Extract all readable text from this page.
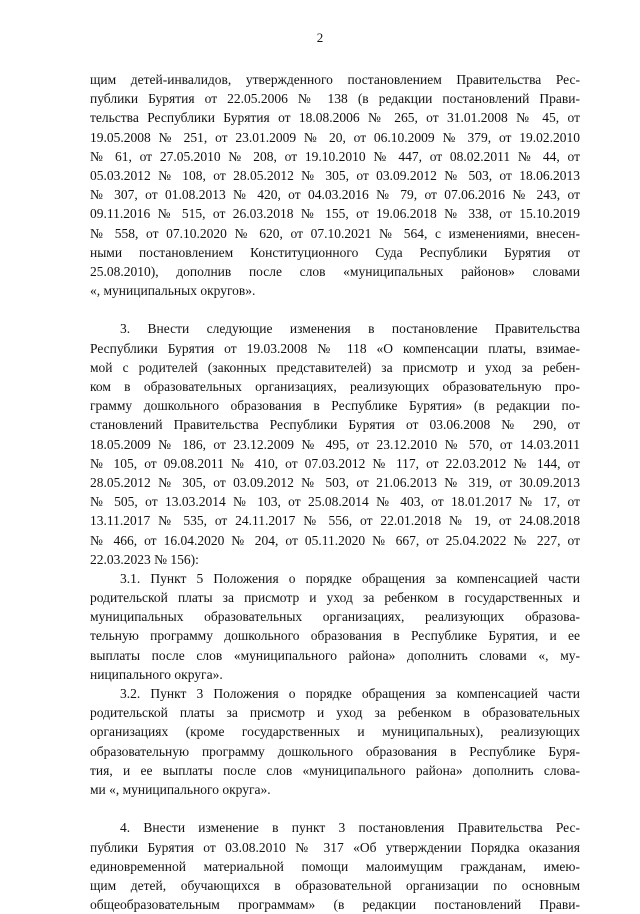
2
щим детей-инвалидов, утвержденного постановлением Правительства Рес-
публики Бурятия от 22.05.2006 № 138 (в редакции постановлений Прави-
тельства Республики Бурятия от 18.08.2006 № 265, от 31.01.2008 № 45, от
19.05.2008 № 251, от 23.01.2009 № 20, от 06.10.2009 № 379, от 19.02.2010
№ 61, от 27.05.2010 № 208, от 19.10.2010 № 447, от 08.02.2011 № 44, от
05.03.2012 № 108, от 28.05.2012 № 305, от 03.09.2012 № 503, от 18.06.2013
№ 307, от 01.08.2013 № 420, от 04.03.2016 № 79, от 07.06.2016 № 243, от
09.11.2016 № 515, от 26.03.2018 № 155, от 19.06.2018 № 338, от 15.10.2019
№ 558, от 07.10.2020 № 620, от 07.10.2021 № 564, с изменениями, внесен-
ными постановлением Конституционного Суда Республики Бурятия от
25.08.2010), дополнив после слов «муниципальных районов» словами
«, муниципальных округов».
3. Внести следующие изменения в постановление Правительства
Республики Бурятия от 19.03.2008 № 118 «О компенсации платы, взимае-
мой с родителей (законных представителей) за присмотр и уход за ребен-
ком в образовательных организациях, реализующих образовательную про-
грамму дошкольного образования в Республике Бурятия» (в редакции по-
становлений Правительства Республики Бурятия от 03.06.2008 № 290, от
18.05.2009 № 186, от 23.12.2009 № 495, от 23.12.2010 № 570, от 14.03.2011
№ 105, от 09.08.2011 № 410, от 07.03.2012 № 117, от 22.03.2012 № 144, от
28.05.2012 № 305, от 03.09.2012 № 503, от 21.06.2013 № 319, от 30.09.2013
№ 505, от 13.03.2014 № 103, от 25.08.2014 № 403, от 18.01.2017 № 17, от
13.11.2017 № 535, от 24.11.2017 № 556, от 22.01.2018 № 19, от 24.08.2018
№ 466, от 16.04.2020 № 204, от 05.11.2020 № 667, от 25.04.2022 № 227, от
22.03.2023 № 156):
3.1. Пункт 5 Положения о порядке обращения за компенсацией части
родительской платы за присмотр и уход за ребенком в государственных и
муниципальных образовательных организациях, реализующих образова-
тельную программу дошкольного образования в Республике Бурятия, и ее
выплаты после слов «муниципального района» дополнить словами «, му-
ниципального округа».
3.2. Пункт 3 Положения о порядке обращения за компенсацией части
родительской платы за присмотр и уход за ребенком в образовательных
организациях (кроме государственных и муниципальных), реализующих
образовательную программу дошкольного образования в Республике Буря-
тия, и ее выплаты после слов «муниципального района» дополнить слова-
ми «, муниципального округа».
4. Внести изменение в пункт 3 постановления Правительства Рес-
публики Бурятия от 03.08.2010 № 317 «Об утверждении Порядка оказания
единовременной материальной помощи малоимущим гражданам, имею-
щим детей, обучающихся в образовательной организации по основным
общеобразовательным программам» (в редакции постановлений Прави-
